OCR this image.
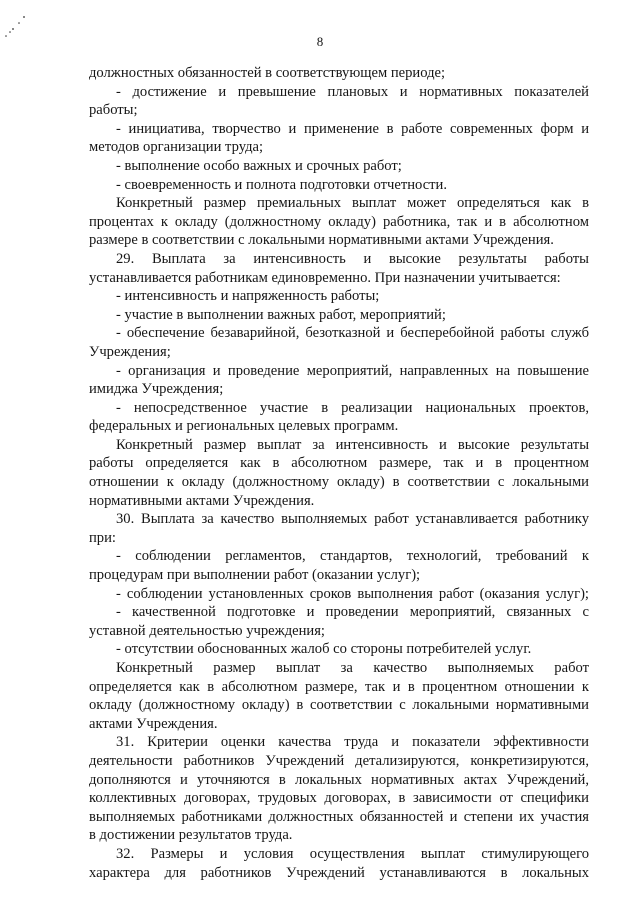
8
должностных обязанностей в соответствующем периоде;
- достижение и превышение плановых и нормативных показателей
работы;
- инициатива, творчество и применение в работе современных форм и
методов организации труда;
- выполнение особо важных и срочных работ;
- своевременность и полнота подготовки отчетности.
Конкретный размер премиальных выплат может определяться как в
процентах к окладу (должностному окладу) работника, так и в абсолютном
размере в соответствии с локальными нормативными актами Учреждения.
29. Выплата за интенсивность и высокие результаты работы
устанавливается работникам единовременно. При назначении учитывается:
- интенсивность и напряженность работы;
- участие в выполнении важных работ, мероприятий;
- обеспечение безаварийной, безотказной и бесперебойной работы служб
Учреждения;
- организация и проведение мероприятий, направленных на повышение
имиджа Учреждения;
- непосредственное участие в реализации национальных проектов,
федеральных и региональных целевых программ.
Конкретный размер выплат за интенсивность и высокие результаты
работы определяется как в абсолютном размере, так и в процентном
отношении к окладу (должностному окладу) в соответствии с локальными
нормативными актами Учреждения.
30. Выплата за качество выполняемых работ устанавливается работнику
при:
- соблюдении регламентов, стандартов, технологий, требований к
процедурам при выполнении работ (оказании услуг);
- соблюдении установленных сроков выполнения работ (оказания услуг);
- качественной подготовке и проведении мероприятий, связанных с
уставной деятельностью учреждения;
- отсутствии обоснованных жалоб со стороны потребителей услуг.
Конкретный размер выплат за качество выполняемых работ
определяется как в абсолютном размере, так и в процентном отношении к
окладу (должностному окладу) в соответствии с локальными нормативными
актами Учреждения.
31. Критерии оценки качества труда и показатели эффективности
деятельности работников Учреждений детализируются, конкретизируются,
дополняются и уточняются в локальных нормативных актах Учреждений,
коллективных договорах, трудовых договорах, в зависимости от специфики
выполняемых работниками должностных обязанностей и степени их участия
в достижении результатов труда.
32. Размеры и условия осуществления выплат стимулирующего
характера для работников Учреждений устанавливаются в локальных
